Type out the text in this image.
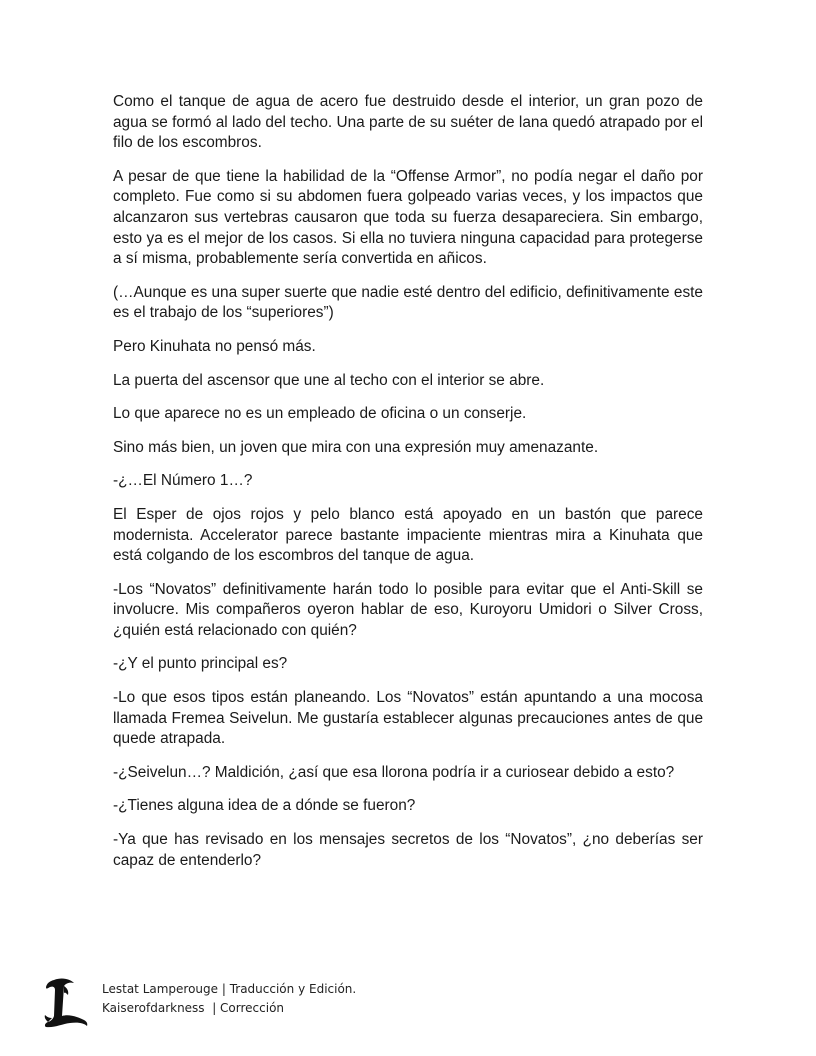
Como el tanque de agua de acero fue destruido desde el interior, un gran pozo de agua se formó al lado del techo. Una parte de su suéter de lana quedó atrapado por el filo de los escombros.

A pesar de que tiene la habilidad de la “Offense Armor”, no podía negar el daño por completo. Fue como si su abdomen fuera golpeado varias veces, y los impactos que alcanzaron sus vertebras causaron que toda su fuerza desapareciera. Sin embargo, esto ya es el mejor de los casos. Si ella no tuviera ninguna capacidad para protegerse a sí misma, probablemente sería convertida en añicos.

(…Aunque es una super suerte que nadie esté dentro del edificio, definitivamente este es el trabajo de los “superiores”)

Pero Kinuhata no pensó más.

La puerta del ascensor que une al techo con el interior se abre.

Lo que aparece no es un empleado de oficina o un conserje.

Sino más bien, un joven que mira con una expresión muy amenazante.

-¿…El Número 1…?

El Esper de ojos rojos y pelo blanco está apoyado en un bastón que parece modernista. Accelerator parece bastante impaciente mientras mira a Kinuhata que está colgando de los escombros del tanque de agua.

-Los “Novatos” definitivamente harán todo lo posible para evitar que el Anti-Skill se involucre. Mis compañeros oyeron hablar de eso, Kuroyoru Umidori o Silver Cross, ¿quién está relacionado con quién?

-¿Y el punto principal es?

-Lo que esos tipos están planeando. Los “Novatos” están apuntando a una mocosa llamada Fremea Seivelun. Me gustaría establecer algunas precauciones antes de que quede atrapada.

-¿Seivelun…? Maldición, ¿así que esa llorona podría ir a curiosear debido a esto?

-¿Tienes alguna idea de a dónde se fueron?

-Ya que has revisado en los mensajes secretos de los “Novatos”, ¿no deberías ser capaz de entenderlo?

Lestat Lamperouge | Traducción y Edición.
Kaiserofdarkness  | Corrección
